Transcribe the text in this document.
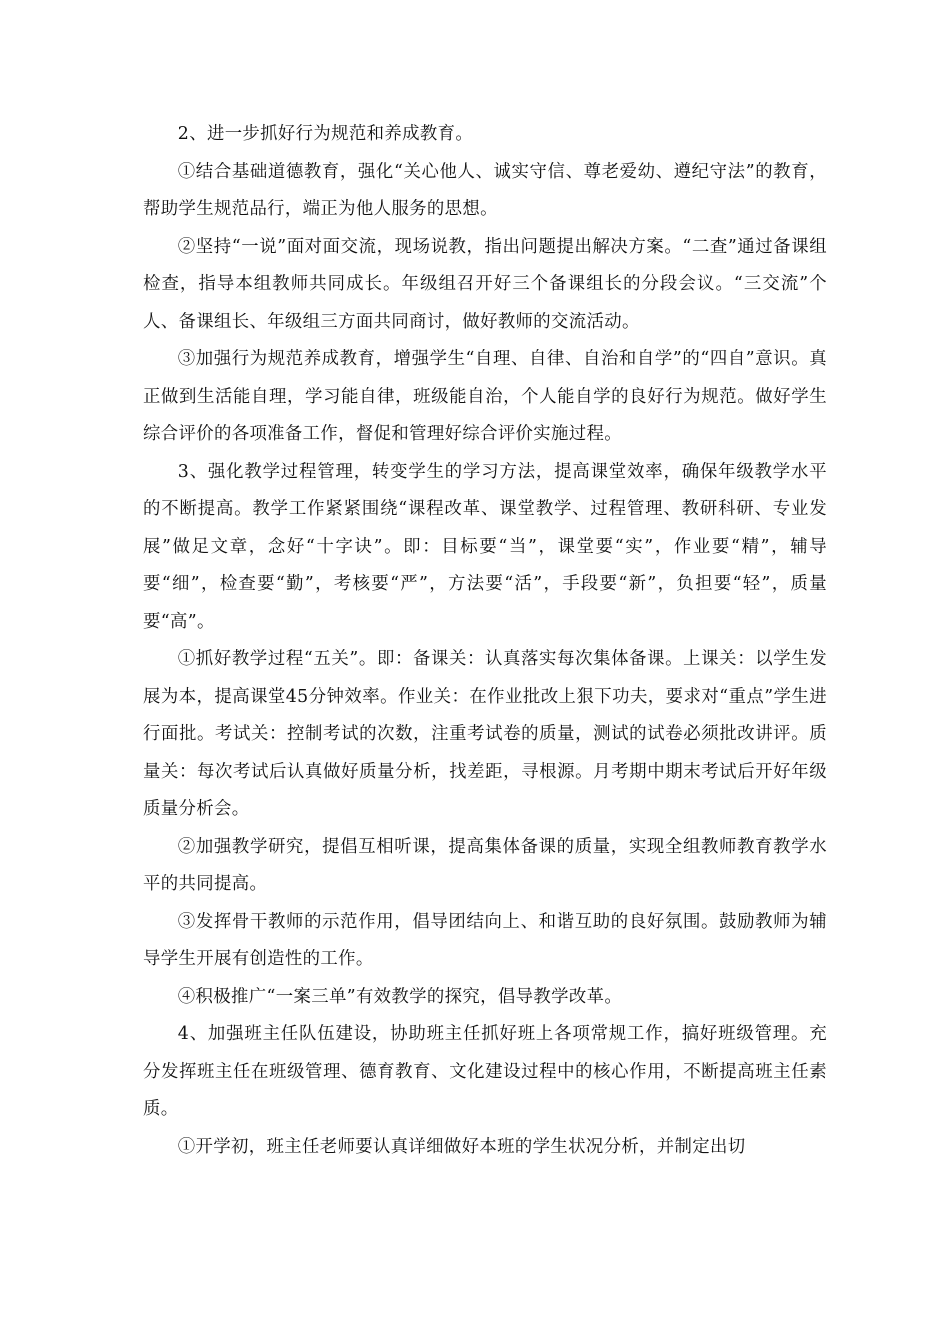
2、进一步抓好行为规范和养成教育。

①结合基础道德教育，强化“关心他人、诚实守信、尊老爱幼、遵纪守法”的教育，帮助学生规范品行，端正为他人服务的思想。

②坚持“一说”面对面交流，现场说教，指出问题提出解决方案。“二查”通过备课组检查，指导本组教师共同成长。年级组召开好三个备课组长的分段会议。“三交流”个人、备课组长、年级组三方面共同商讨，做好教师的交流活动。

③加强行为规范养成教育，增强学生“自理、自律、自治和自学”的“四自”意识。真正做到生活能自理，学习能自律，班级能自治，个人能自学的良好行为规范。做好学生综合评价的各项准备工作，督促和管理好综合评价实施过程。

3、强化教学过程管理，转变学生的学习方法，提高课堂效率，确保年级教学水平的不断提高。教学工作紧紧围绕“课程改革、课堂教学、过程管理、教研科研、专业发展”做足文章，念好“十字诀”。即：目标要“当”，课堂要“实”，作业要“精”，辅导要“细”，检查要“勤”，考核要“严”，方法要“活”，手段要“新”，负担要“轻”，质量要“高”。

①抓好教学过程“五关”。即：备课关：认真落实每次集体备课。上课关：以学生发展为本，提高课堂45分钟效率。作业关：在作业批改上狠下功夫，要求对“重点”学生进行面批。考试关：控制考试的次数，注重考试卷的质量，测试的试卷必须批改讲评。质量关：每次考试后认真做好质量分析，找差距，寻根源。月考期中期末考试后开好年级质量分析会。

②加强教学研究，提倡互相听课，提高集体备课的质量，实现全组教师教育教学水平的共同提高。

③发挥骨干教师的示范作用，倡导团结向上、和谐互助的良好氛围。鼓励教师为辅导学生开展有创造性的工作。

④积极推广“一案三单”有效教学的探究，倡导教学改革。

4、加强班主任队伍建设，协助班主任抓好班上各项常规工作，搞好班级管理。充分发挥班主任在班级管理、德育教育、文化建设过程中的核心作用，不断提高班主任素质。

①开学初，班主任老师要认真详细做好本班的学生状况分析，并制定出切
